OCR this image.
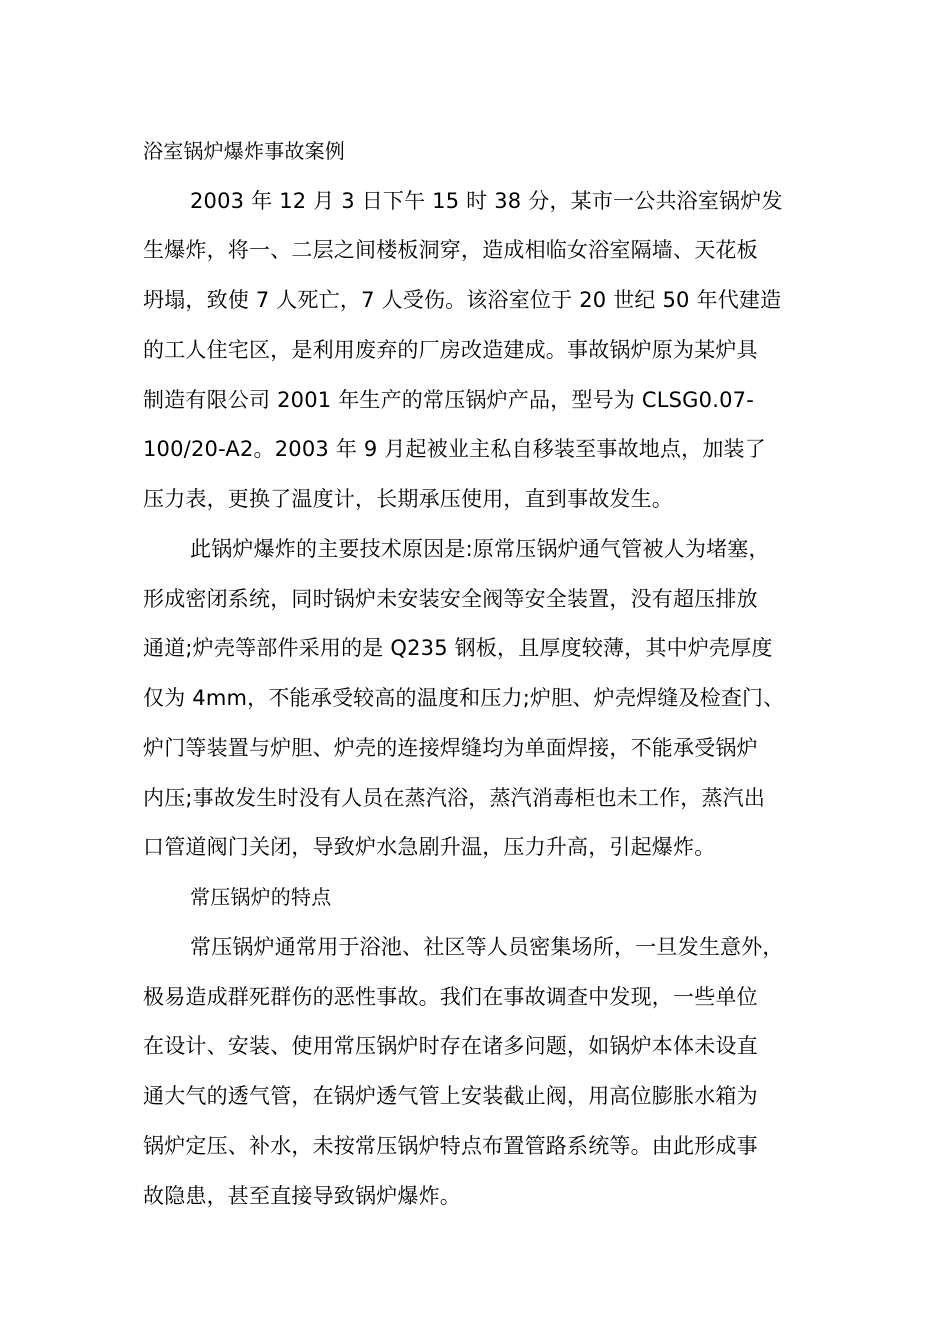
浴室锅炉爆炸事故案例
2003 年 12 月 3 日下午 15 时 38 分，某市一公共浴室锅炉发
生爆炸，将一、二层之间楼板洞穿，造成相临女浴室隔墙、天花板
坍塌，致使 7 人死亡，7 人受伤。该浴室位于 20 世纪 50 年代建造
的工人住宅区，是利用废弃的厂房改造建成。事故锅炉原为某炉具
制造有限公司 2001 年生产的常压锅炉产品，型号为 CLSG0.07-
100/20-A2。2003 年 9 月起被业主私自移装至事故地点，加装了
压力表，更换了温度计，长期承压使用，直到事故发生。
此锅炉爆炸的主要技术原因是:原常压锅炉通气管被人为堵塞，
形成密闭系统，同时锅炉未安装安全阀等安全装置，没有超压排放
通道;炉壳等部件采用的是 Q235 钢板，且厚度较薄，其中炉壳厚度
仅为 4mm，不能承受较高的温度和压力;炉胆、炉壳焊缝及检查门、
炉门等装置与炉胆、炉壳的连接焊缝均为单面焊接，不能承受锅炉
内压;事故发生时没有人员在蒸汽浴，蒸汽消毒柜也未工作，蒸汽出
口管道阀门关闭，导致炉水急剧升温，压力升高，引起爆炸。
常压锅炉的特点
常压锅炉通常用于浴池、社区等人员密集场所，一旦发生意外，
极易造成群死群伤的恶性事故。我们在事故调查中发现，一些单位
在设计、安装、使用常压锅炉时存在诸多问题，如锅炉本体未设直
通大气的透气管，在锅炉透气管上安装截止阀，用高位膨胀水箱为
锅炉定压、补水，未按常压锅炉特点布置管路系统等。由此形成事
故隐患，甚至直接导致锅炉爆炸。
